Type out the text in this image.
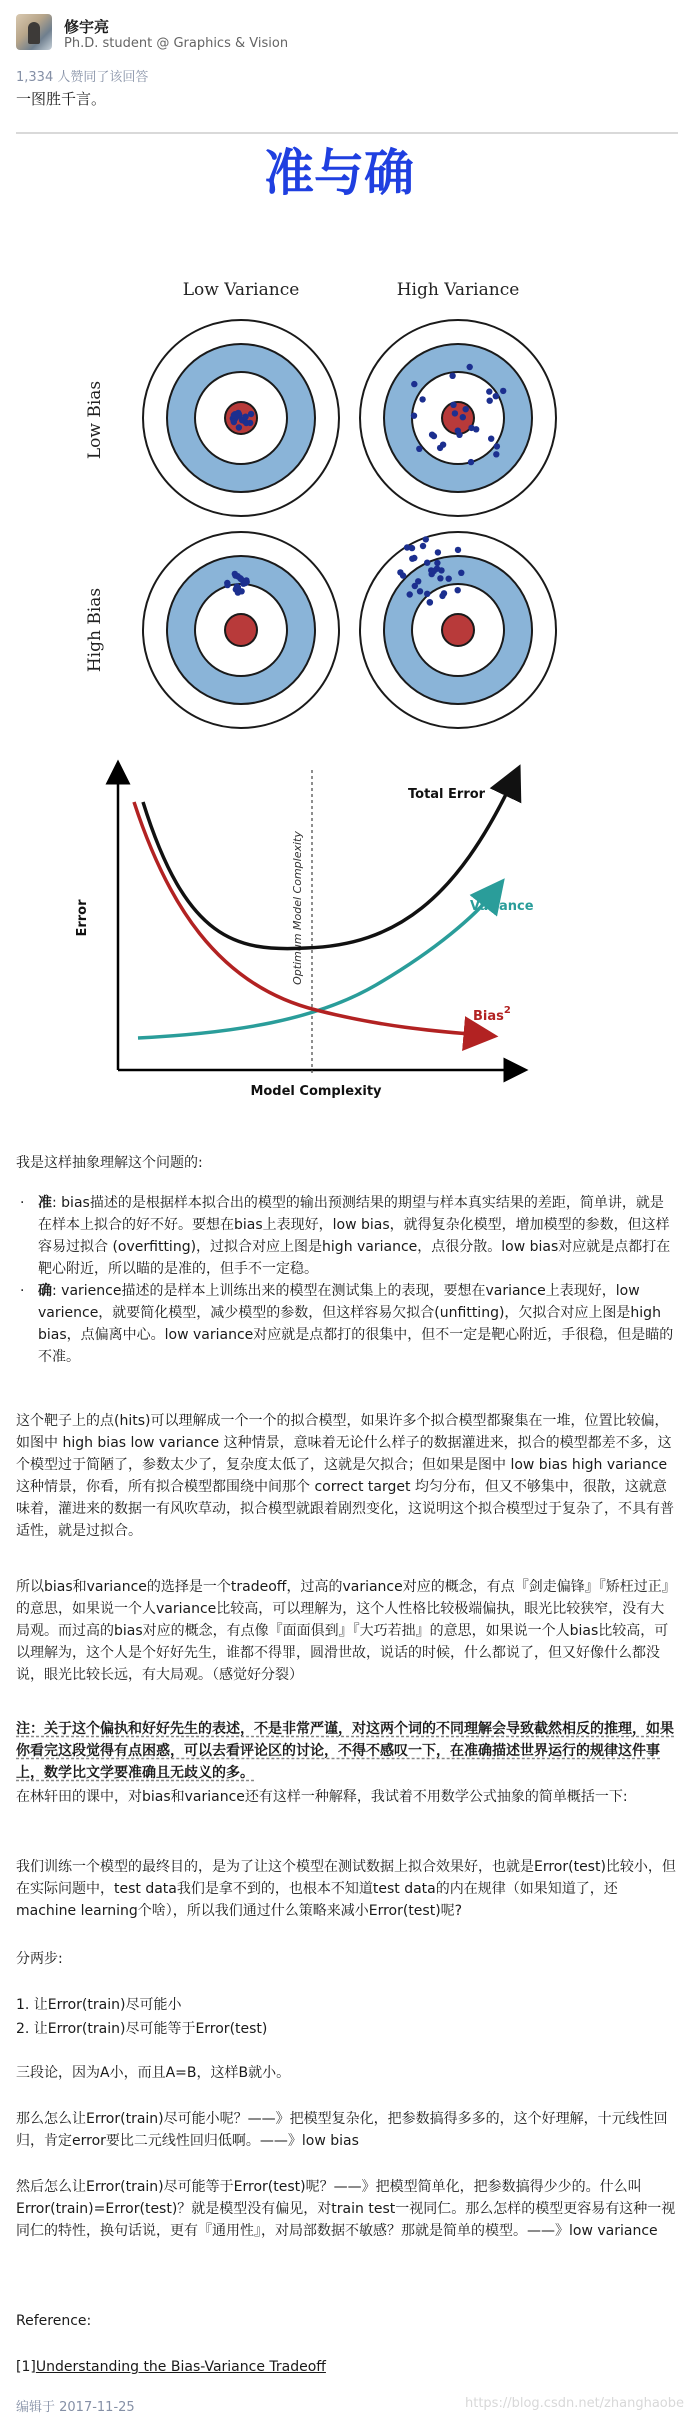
修宇亮
Ph.D. student @ Graphics & Vision
1,334 人赞同了该回答
一图胜千言。
准与确
Low Variance	High Variance
Low Bias
High Bias
Optimum Model Complexity
Total Error
Variance
Bias$^2$
Error
Model Complexity
我是这样抽象理解这个问题的:
· 准: bias描述的是根据样本拟合出的模型的输出预测结果的期望与样本真实结果的差距，简单讲，就是在样本上拟合的好不好。要想在bias上表现好，low bias，就得复杂化模型，增加模型的参数，但这样容易过拟合 (overfitting)，过拟合对应上图是high variance，点很分散。low bias对应就是点都打在靶心附近，所以瞄的是准的，但手不一定稳。
· 确: varience描述的是样本上训练出来的模型在测试集上的表现，要想在variance上表现好，low varience，就要简化模型，减少模型的参数，但这样容易欠拟合(unfitting)，欠拟合对应上图是high bias，点偏离中心。low variance对应就是点都打的很集中，但不一定是靶心附近，手很稳，但是瞄的不准。
这个靶子上的点(hits)可以理解成一个一个的拟合模型，如果许多个拟合模型都聚集在一堆，位置比较偏，如图中 high bias low variance 这种情景，意味着无论什么样子的数据灌进来，拟合的模型都差不多，这个模型过于简陋了，参数太少了，复杂度太低了，这就是欠拟合；但如果是图中 low bias high variance 这种情景，你看，所有拟合模型都围绕中间那个 correct target 均匀分布，但又不够集中，很散，这就意味着，灌进来的数据一有风吹草动，拟合模型就跟着剧烈变化，这说明这个拟合模型过于复杂了，不具有普适性，就是过拟合。
所以bias和variance的选择是一个tradeoff，过高的variance对应的概念，有点『剑走偏锋』『矫枉过正』的意思，如果说一个人variance比较高，可以理解为，这个人性格比较极端偏执，眼光比较狭窄，没有大局观。而过高的bias对应的概念，有点像『面面俱到』『大巧若拙』的意思，如果说一个人bias比较高，可以理解为，这个人是个好好先生，谁都不得罪，圆滑世故，说话的时候，什么都说了，但又好像什么都没说，眼光比较长远，有大局观。（感觉好分裂）
注：关于这个偏执和好好先生的表述，不是非常严谨，对这两个词的不同理解会导致截然相反的推理，如果你看完这段觉得有点困惑，可以去看评论区的讨论，不得不感叹一下，在准确描述世界运行的规律这件事上，数学比文学要准确且无歧义的多。
在林轩田的课中，对bias和variance还有这样一种解释，我试着不用数学公式抽象的简单概括一下:
我们训练一个模型的最终目的，是为了让这个模型在测试数据上拟合效果好，也就是Error(test)比较小，但在实际问题中，test data我们是拿不到的，也根本不知道test data的内在规律（如果知道了，还machine learning个啥），所以我们通过什么策略来减小Error(test)呢?
分两步:
1. 让Error(train)尽可能小
2. 让Error(train)尽可能等于Error(test)
三段论，因为A小，而且A=B，这样B就小。
那么怎么让Error(train)尽可能小呢？——》把模型复杂化，把参数搞得多多的，这个好理解，十元线性回归，肯定error要比二元线性回归低啊。——》low bias
然后怎么让Error(train)尽可能等于Error(test)呢？——》把模型简单化，把参数搞得少少的。什么叫Error(train)=Error(test)？就是模型没有偏见，对train test一视同仁。那么怎样的模型更容易有这种一视同仁的特性，换句话说，更有『通用性』，对局部数据不敏感？那就是简单的模型。——》low variance
Reference:
[1]Understanding the Bias-Variance Tradeoff
编辑于 2017-11-25	https://blog.csdn.net/zhanghaobe
